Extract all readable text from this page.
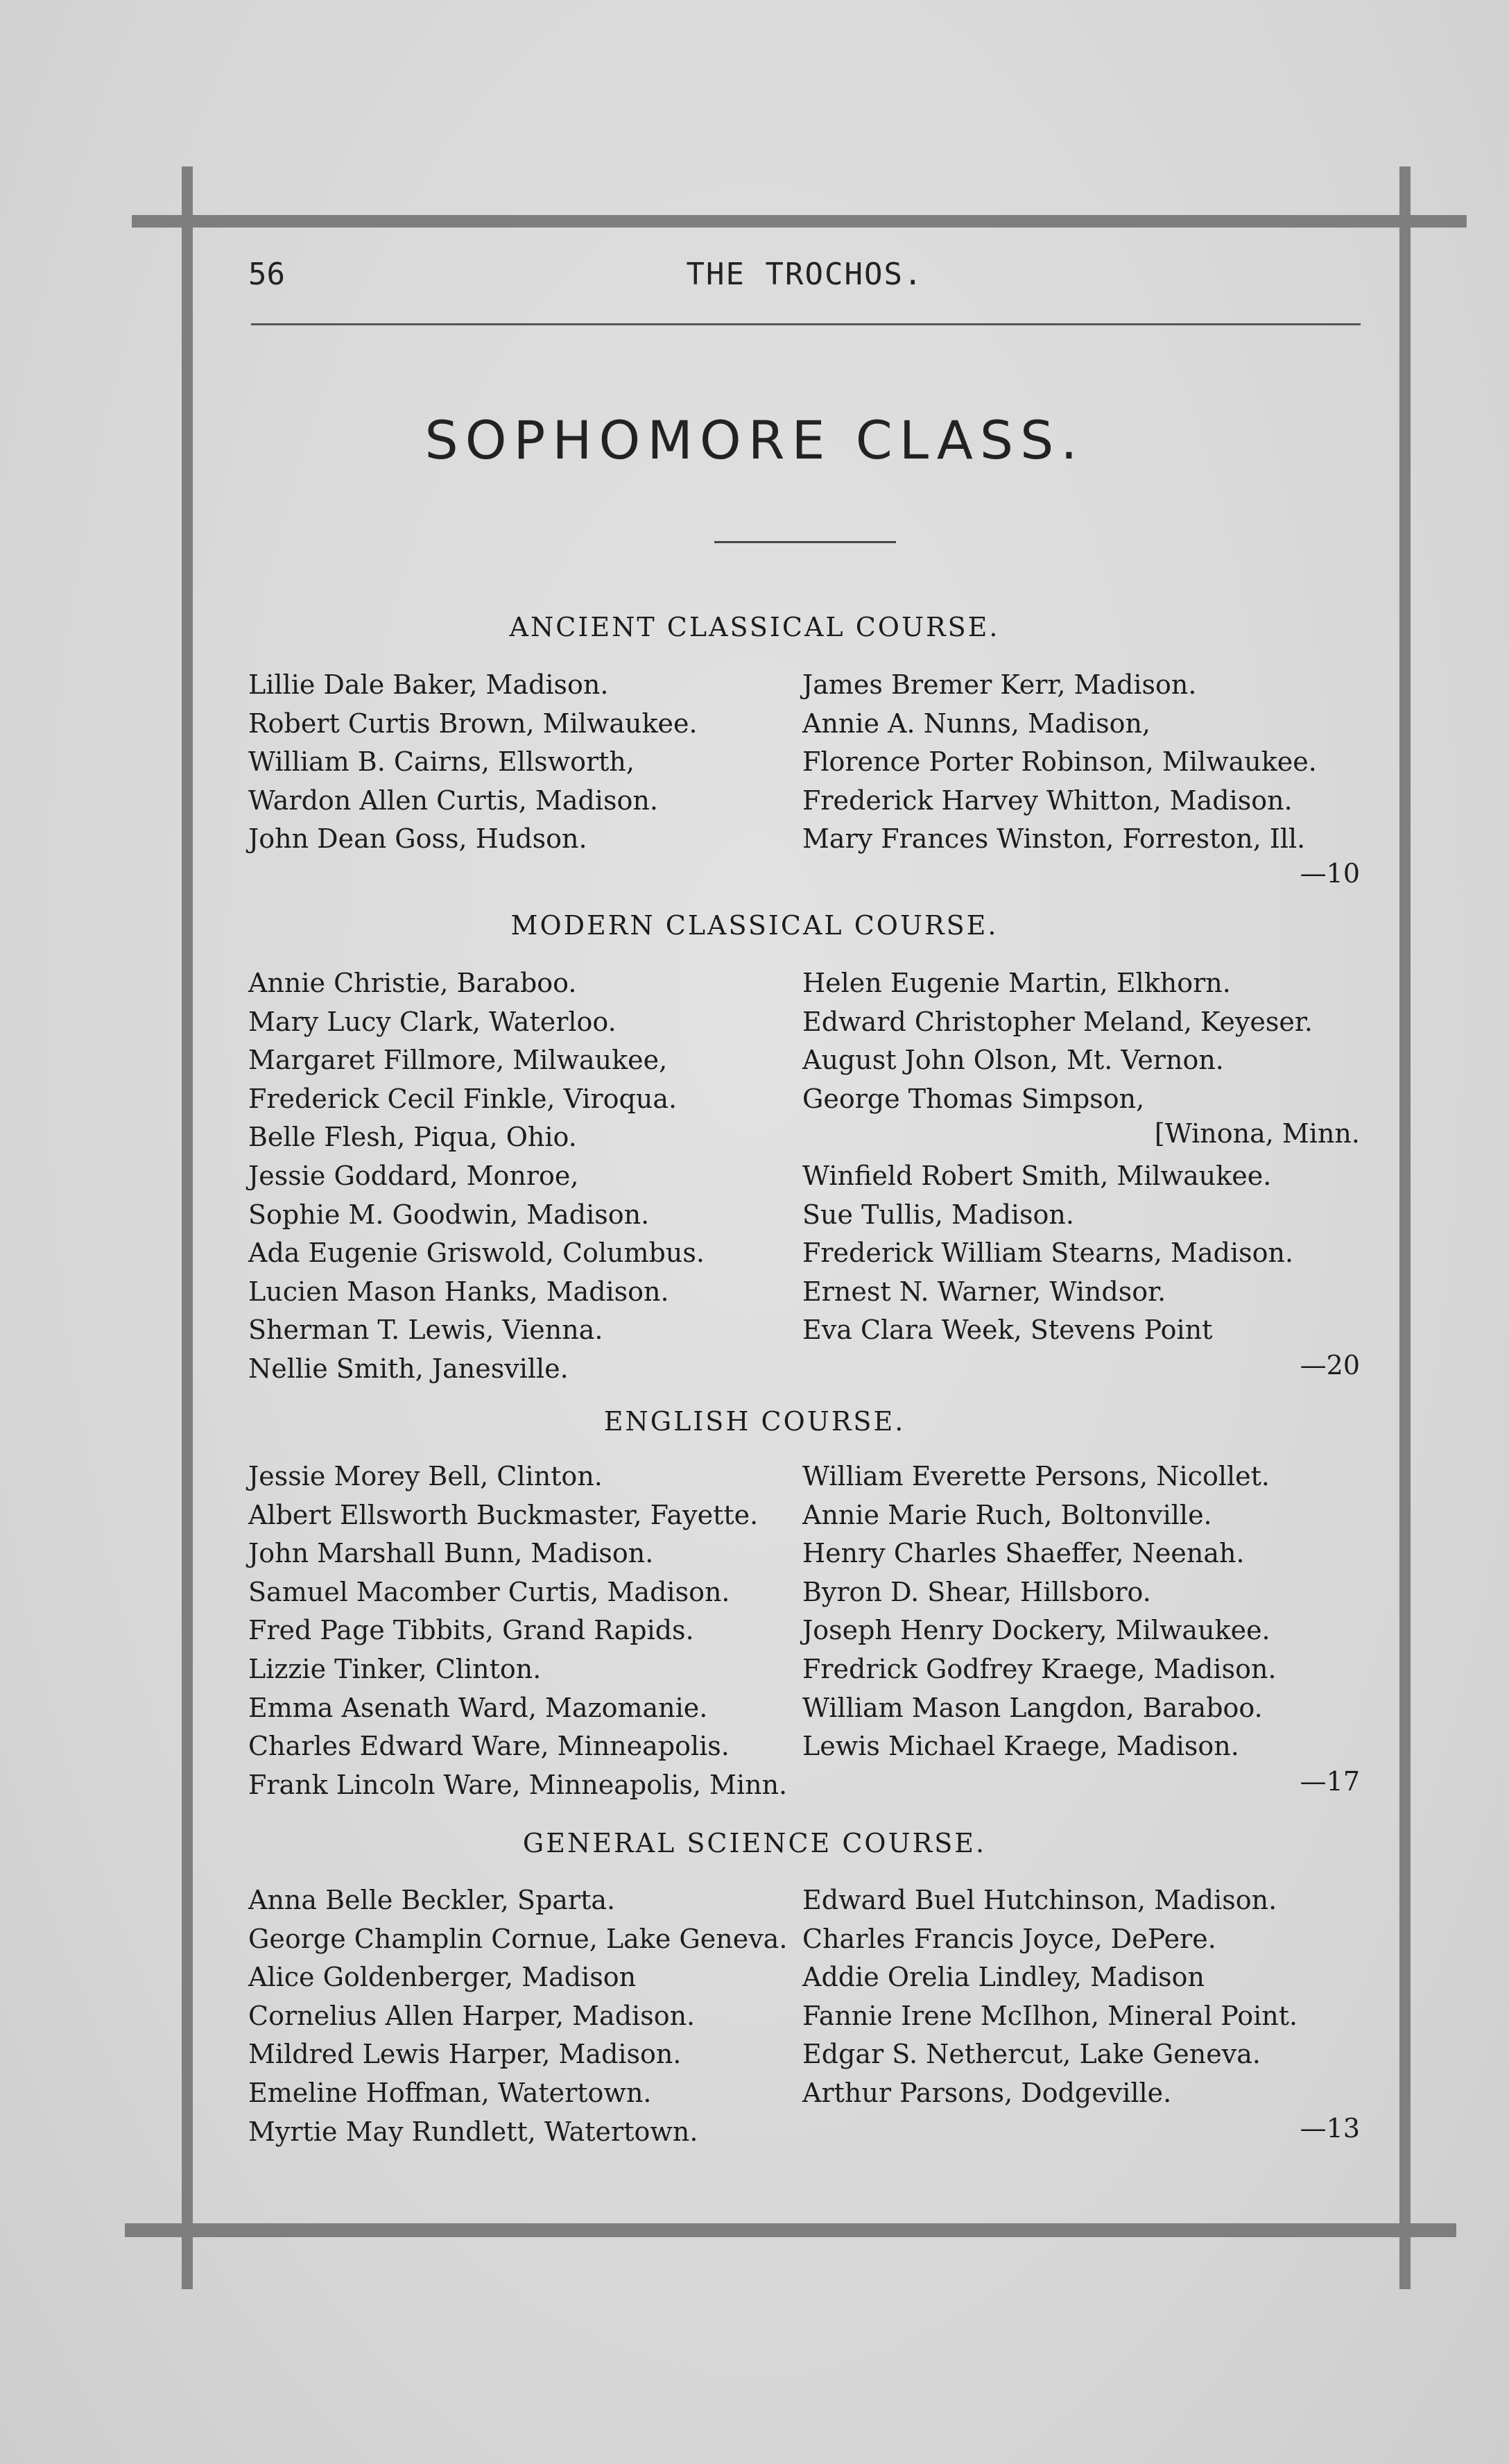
56	THE TROCHOS.
SOPHOMORE CLASS.
ANCIENT CLASSICAL COURSE.
Lillie Dale Baker, Madison.
Robert Curtis Brown, Milwaukee.
William B. Cairns, Ellsworth,
Wardon Allen Curtis, Madison.
John Dean Goss, Hudson.
James Bremer Kerr, Madison.
Annie A. Nunns, Madison,
Florence Porter Robinson, Milwaukee.
Frederick Harvey Whitton, Madison.
Mary Frances Winston, Forreston, Ill.
—10
MODERN CLASSICAL COURSE.
Annie Christie, Baraboo.
Mary Lucy Clark, Waterloo.
Margaret Fillmore, Milwaukee,
Frederick Cecil Finkle, Viroqua.
Belle Flesh, Piqua, Ohio.
Jessie Goddard, Monroe,
Sophie M. Goodwin, Madison.
Ada Eugenie Griswold, Columbus.
Lucien Mason Hanks, Madison.
Sherman T. Lewis, Vienna.
Nellie Smith, Janesville.
Helen Eugenie Martin, Elkhorn.
Edward Christopher Meland, Keyeser.
August John Olson, Mt. Vernon.
George Thomas Simpson,

Winfield Robert Smith, Milwaukee.
Sue Tullis, Madison.
Frederick William Stearns, Madison.
Ernest N. Warner, Windsor.
Eva Clara Week, Stevens Point
[Winona, Minn.
—20
ENGLISH COURSE.
Jessie Morey Bell, Clinton.
Albert Ellsworth Buckmaster, Fayette.
John Marshall Bunn, Madison.
Samuel Macomber Curtis, Madison.
Fred Page Tibbits, Grand Rapids.
Lizzie Tinker, Clinton.
Emma Asenath Ward, Mazomanie.
Charles Edward Ware, Minneapolis.
Frank Lincoln Ware, Minneapolis, Minn.
William Everette Persons, Nicollet.
Annie Marie Ruch, Boltonville.
Henry Charles Shaeffer, Neenah.
Byron D. Shear, Hillsboro.
Joseph Henry Dockery, Milwaukee.
Fredrick Godfrey Kraege, Madison.
William Mason Langdon, Baraboo.
Lewis Michael Kraege, Madison.
—17
GENERAL SCIENCE COURSE.
Anna Belle Beckler, Sparta.
George Champlin Cornue, Lake Geneva.
Alice Goldenberger, Madison
Cornelius Allen Harper, Madison.
Mildred Lewis Harper, Madison.
Emeline Hoffman, Watertown.
Myrtie May Rundlett, Watertown.
Edward Buel Hutchinson, Madison.
Charles Francis Joyce, DePere.
Addie Orelia Lindley, Madison
Fannie Irene McIlhon, Mineral Point.
Edgar S. Nethercut, Lake Geneva.
Arthur Parsons, Dodgeville.
—13
